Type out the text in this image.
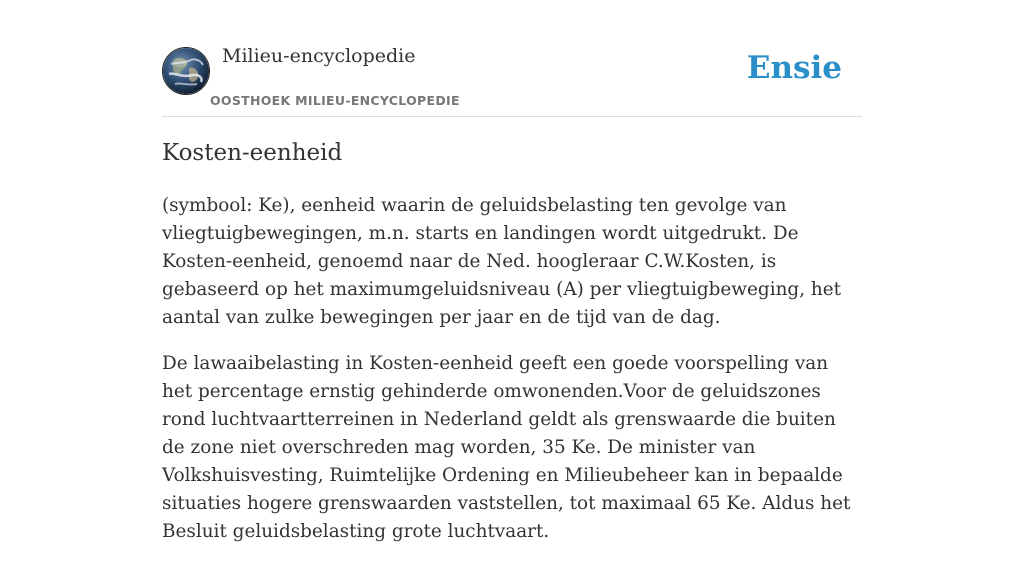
Milieu-encyclopedie
OOSTHOEK MILIEU-ENCYCLOPEDIE
Ensie
Kosten-eenheid

(symbool: Ke), eenheid waarin de geluidsbelasting ten gevolge van vliegtuigbewegingen, m.n. starts en landingen wordt uitgedrukt. De Kosten-eenheid, genoemd naar de Ned. hoogleraar C.W.Kosten, is gebaseerd op het maximumgeluidsniveau (A) per vliegtuigbeweging, het aantal van zulke bewegingen per jaar en de tijd van de dag.

De lawaaibelasting in Kosten-eenheid geeft een goede voorspelling van het percentage ernstig gehinderde omwonenden.Voor de geluidszones rond luchtvaartterreinen in Nederland geldt als grenswaarde die buiten de zone niet overschreden mag worden, 35 Ke. De minister van Volkshuisvesting, Ruimtelijke Ordening en Milieubeheer kan in bepaalde situaties hogere grenswaarden vaststellen, tot maximaal 65 Ke. Aldus het Besluit geluidsbelasting grote luchtvaart.
